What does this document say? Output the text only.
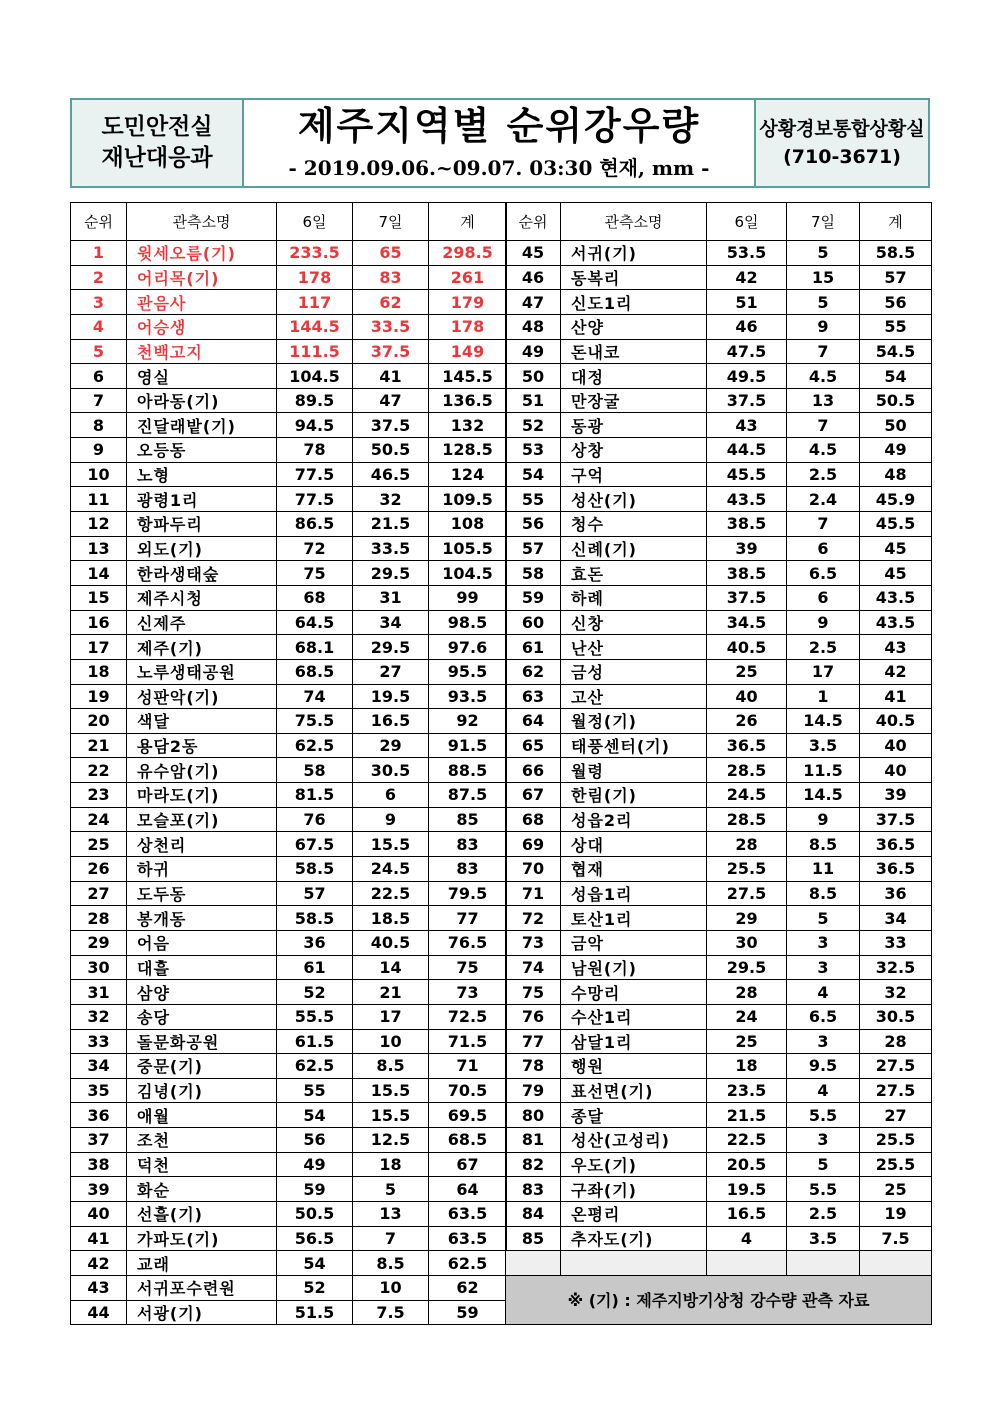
도민안전실
재난대응과
제주지역별 순위강우량
- 2019.09.06.~09.07. 03:30 현재, mm -
상황경보통합상황실
(710-3671)
순위	관측소명	6일	7일	계
1	윗세오름(기)	233.5	65	298.5
2	어리목(기)	178	83	261
3	관음사	117	62	179
4	어승생	144.5	33.5	178
5	천백고지	111.5	37.5	149
6	영실	104.5	41	145.5
7	아라동(기)	89.5	47	136.5
8	진달래밭(기)	94.5	37.5	132
9	오등동	78	50.5	128.5
10	노형	77.5	46.5	124
11	광령1리	77.5	32	109.5
12	항파두리	86.5	21.5	108
13	외도(기)	72	33.5	105.5
14	한라생태숲	75	29.5	104.5
15	제주시청	68	31	99
16	신제주	64.5	34	98.5
17	제주(기)	68.1	29.5	97.6
18	노루생태공원	68.5	27	95.5
19	성판악(기)	74	19.5	93.5
20	색달	75.5	16.5	92
21	용담2동	62.5	29	91.5
22	유수암(기)	58	30.5	88.5
23	마라도(기)	81.5	6	87.5
24	모슬포(기)	76	9	85
25	상천리	67.5	15.5	83
26	하귀	58.5	24.5	83
27	도두동	57	22.5	79.5
28	봉개동	58.5	18.5	77
29	어음	36	40.5	76.5
30	대흘	61	14	75
31	삼양	52	21	73
32	송당	55.5	17	72.5
33	돌문화공원	61.5	10	71.5
34	중문(기)	62.5	8.5	71
35	김녕(기)	55	15.5	70.5
36	애월	54	15.5	69.5
37	조천	56	12.5	68.5
38	덕천	49	18	67
39	화순	59	5	64
40	선흘(기)	50.5	13	63.5
41	가파도(기)	56.5	7	63.5
42	교래	54	8.5	62.5
43	서귀포수련원	52	10	62
44	서광(기)	51.5	7.5	59
순위	관측소명	6일	7일	계
45	서귀(기)	53.5	5	58.5
46	동복리	42	15	57
47	신도1리	51	5	56
48	산양	46	9	55
49	돈내코	47.5	7	54.5
50	대정	49.5	4.5	54
51	만장굴	37.5	13	50.5
52	동광	43	7	50
53	상창	44.5	4.5	49
54	구억	45.5	2.5	48
55	성산(기)	43.5	2.4	45.9
56	청수	38.5	7	45.5
57	신례(기)	39	6	45
58	효돈	38.5	6.5	45
59	하례	37.5	6	43.5
60	신창	34.5	9	43.5
61	난산	40.5	2.5	43
62	금성	25	17	42
63	고산	40	1	41
64	월정(기)	26	14.5	40.5
65	태풍센터(기)	36.5	3.5	40
66	월령	28.5	11.5	40
67	한림(기)	24.5	14.5	39
68	성읍2리	28.5	9	37.5
69	상대	28	8.5	36.5
70	협재	25.5	11	36.5
71	성읍1리	27.5	8.5	36
72	토산1리	29	5	34
73	금악	30	3	33
74	남원(기)	29.5	3	32.5
75	수망리	28	4	32
76	수산1리	24	6.5	30.5
77	삼달1리	25	3	28
78	행원	18	9.5	27.5
79	표선면(기)	23.5	4	27.5
80	종달	21.5	5.5	27
81	성산(고성리)	22.5	3	25.5
82	우도(기)	20.5	5	25.5
83	구좌(기)	19.5	5.5	25
84	온평리	16.5	2.5	19
85	추자도(기)	4	3.5	7.5

※ (기) : 제주지방기상청 강수량 관측 자료				
